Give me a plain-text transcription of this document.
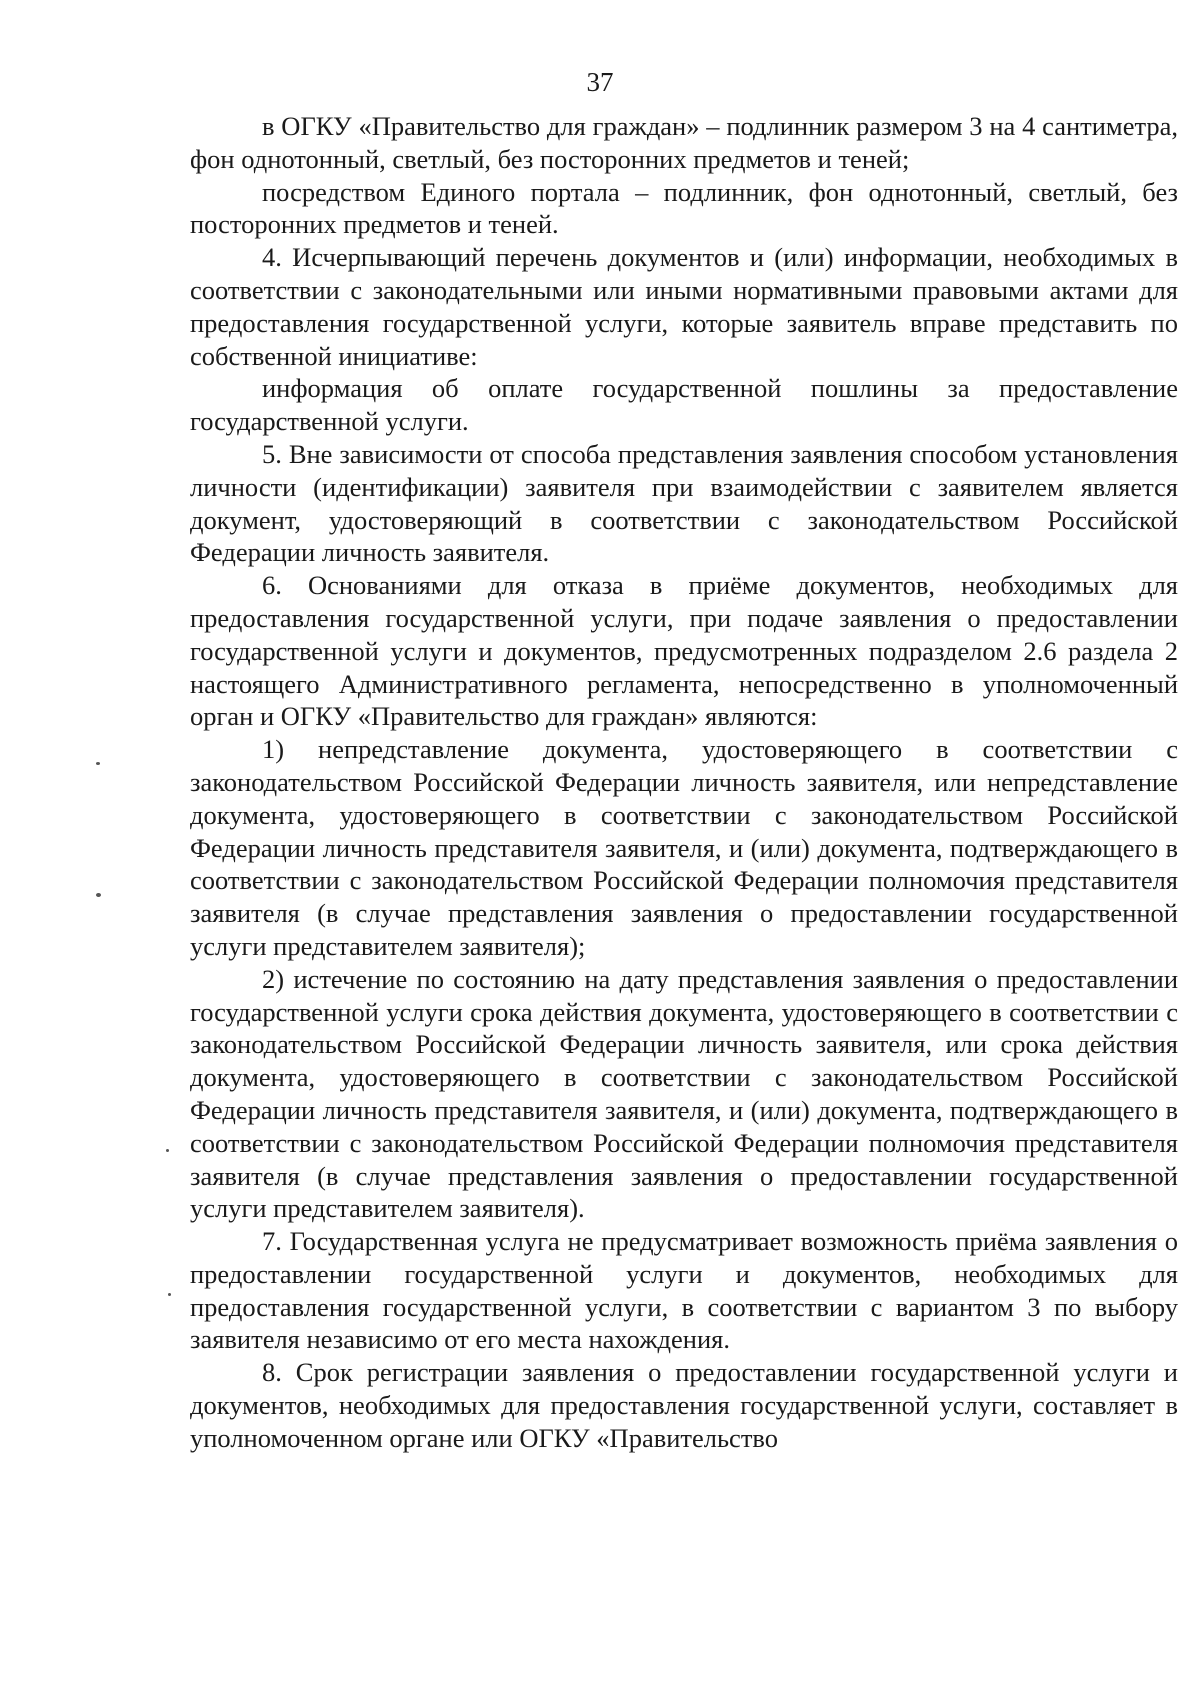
37

в ОГКУ «Правительство для граждан» – подлинник размером 3 на 4 сантиметра, фон однотонный, светлый, без посторонних предметов и теней;

посредством Единого портала – подлинник, фон однотонный, светлый, без посторонних предметов и теней.

4. Исчерпывающий перечень документов и (или) информации, необходимых в соответствии с законодательными или иными нормативными правовыми актами для предоставления государственной услуги, которые заявитель вправе представить по собственной инициативе:

информация об оплате государственной пошлины за предоставление государственной услуги.

5. Вне зависимости от способа представления заявления способом установления личности (идентификации) заявителя при взаимодействии с заявителем является документ, удостоверяющий в соответствии с законодательством Российской Федерации личность заявителя.

6. Основаниями для отказа в приёме документов, необходимых для предоставления государственной услуги, при подаче заявления о предоставлении государственной услуги и документов, предусмотренных подразделом 2.6 раздела 2 настоящего Административного регламента, непосредственно в уполномоченный орган и ОГКУ «Правительство для граждан» являются:

1) непредставление документа, удостоверяющего в соответствии с законодательством Российской Федерации личность заявителя, или непредставление документа, удостоверяющего в соответствии с законодательством Российской Федерации личность представителя заявителя, и (или) документа, подтверждающего в соответствии с законодательством Российской Федерации полномочия представителя заявителя (в случае представления заявления о предоставлении государственной услуги представителем заявителя);

2) истечение по состоянию на дату представления заявления о предоставлении государственной услуги срока действия документа, удостоверяющего в соответствии с законодательством Российской Федерации личность заявителя, или срока действия документа, удостоверяющего в соответствии с законодательством Российской Федерации личность представителя заявителя, и (или) документа, подтверждающего в соответствии с законодательством Российской Федерации полномочия представителя заявителя (в случае представления заявления о предоставлении государственной услуги представителем заявителя).

7. Государственная услуга не предусматривает возможность приёма заявления о предоставлении государственной услуги и документов, необходимых для предоставления государственной услуги, в соответствии с вариантом 3 по выбору заявителя независимо от его места нахождения.

8. Срок регистрации заявления о предоставлении государственной услуги и документов, необходимых для предоставления государственной услуги, составляет в уполномоченном органе или ОГКУ «Правительство
